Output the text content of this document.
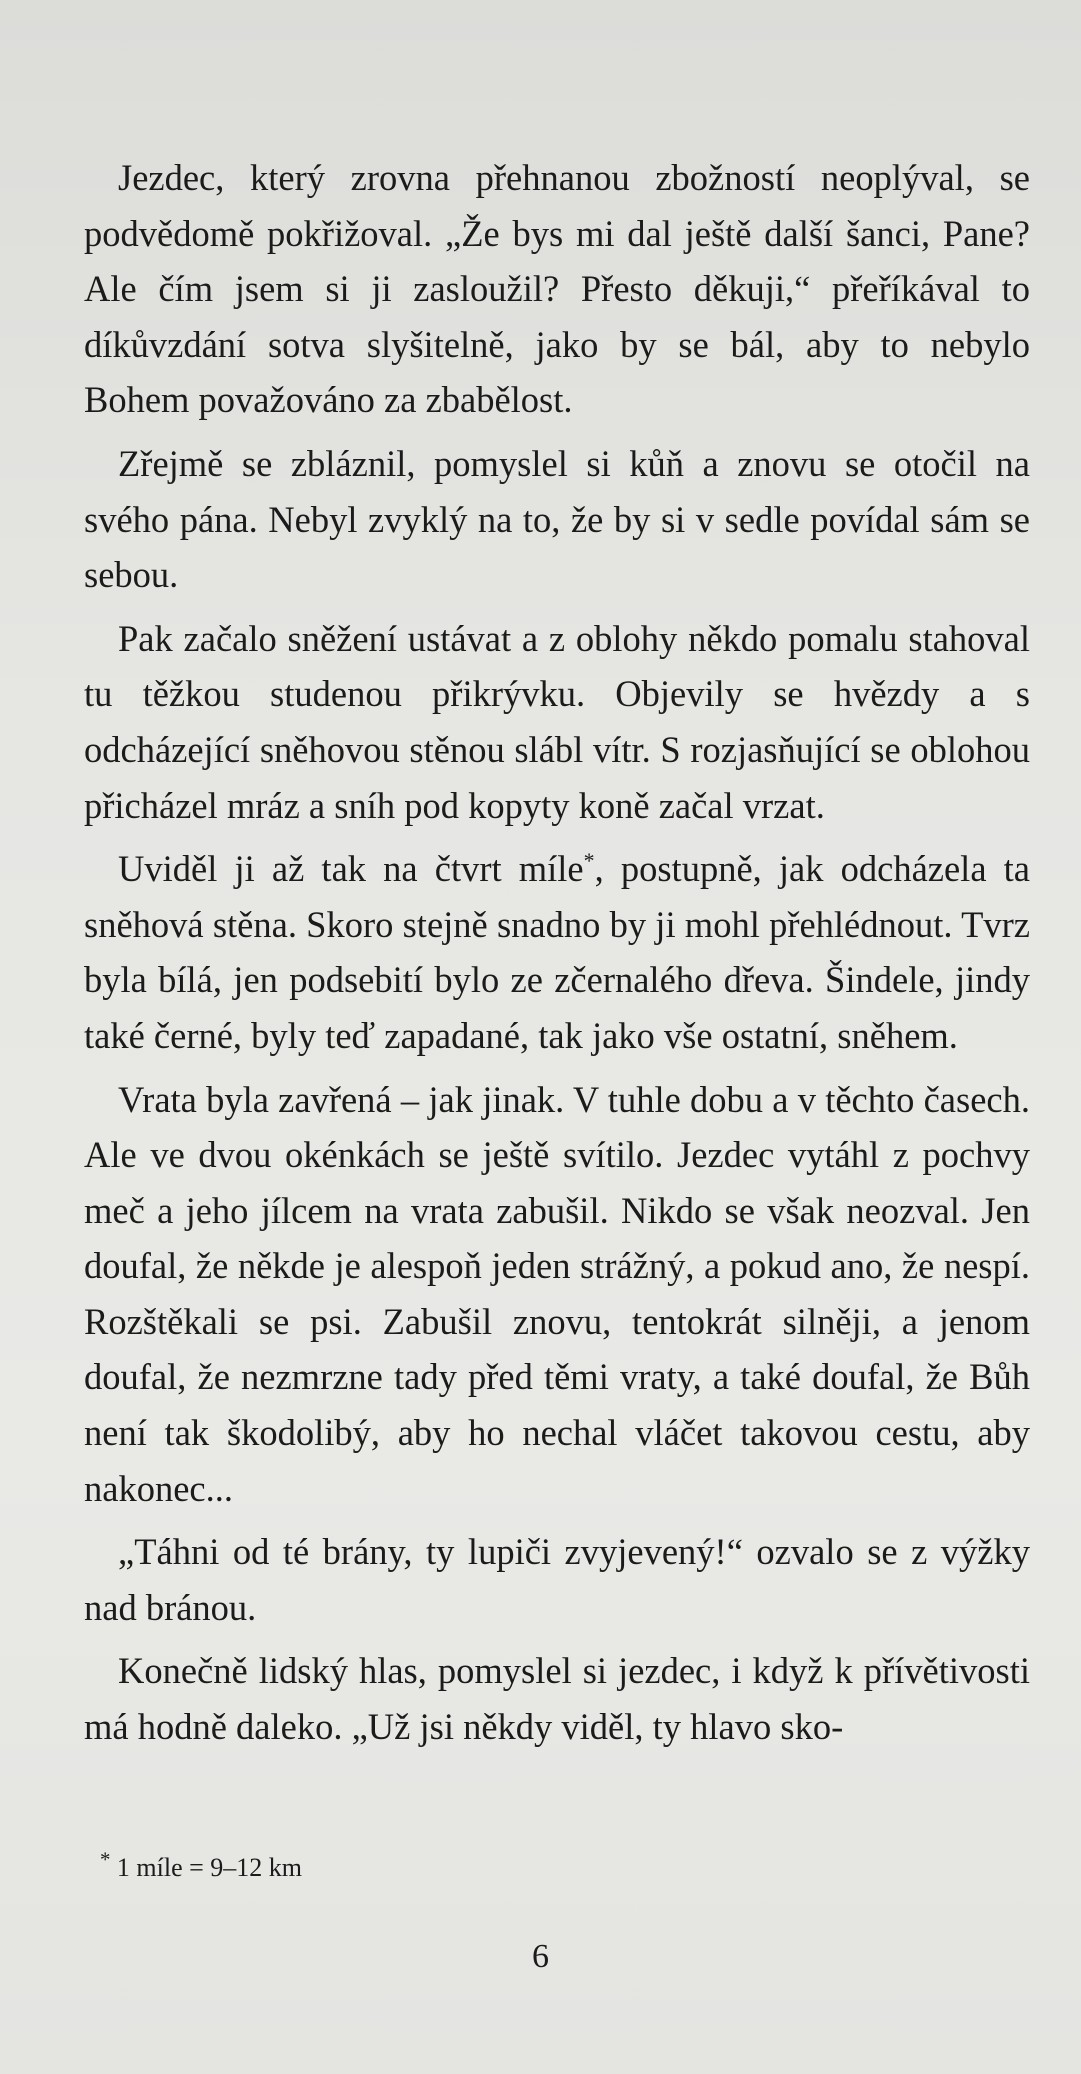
Jezdec, který zrovna přehnanou zbožností neoplýval, se podvědomě pokřižoval. „Že bys mi dal ještě další šanci, Pane? Ale čím jsem si ji zasloužil? Přesto děkuji,“ přeříkával to díkůvzdání sotva slyšitelně, jako by se bál, aby to nebylo Bohem považováno za zbabělost.

Zřejmě se zbláznil, pomyslel si kůň a znovu se otočil na svého pána. Nebyl zvyklý na to, že by si v sedle povídal sám se sebou.

Pak začalo sněžení ustávat a z oblohy někdo pomalu stahoval tu těžkou studenou přikrývku. Objevily se hvězdy a s odcházející sněhovou stěnou slábl vítr. S rozjasňující se oblohou přicházel mráz a sníh pod kopyty koně začal vrzat.

Uviděl ji až tak na čtvrt míle*, postupně, jak odcházela ta sněhová stěna. Skoro stejně snadno by ji mohl přehlédnout. Tvrz byla bílá, jen podsebití bylo ze zčernalého dřeva. Šindele, jindy také černé, byly teď zapadané, tak jako vše ostatní, sněhem.

Vrata byla zavřená – jak jinak. V tuhle dobu a v těchto časech. Ale ve dvou okénkách se ještě svítilo. Jezdec vytáhl z pochvy meč a jeho jílcem na vrata zabušil. Nikdo se však neozval. Jen doufal, že někde je alespoň jeden strážný, a pokud ano, že nespí. Rozštěkali se psi. Zabušil znovu, tentokrát silněji, a jenom doufal, že nezmrzne tady před těmi vraty, a také doufal, že Bůh není tak škodolibý, aby ho nechal vláčet takovou cestu, aby nakonec...

„Táhni od té brány, ty lupiči zvyjevený!“ ozvalo se z výžky nad bránou.

Konečně lidský hlas, pomyslel si jezdec, i když k přívětivosti má hodně daleko. „Už jsi někdy viděl, ty hlavo sko-

* 1 míle = 9–12 km
6
